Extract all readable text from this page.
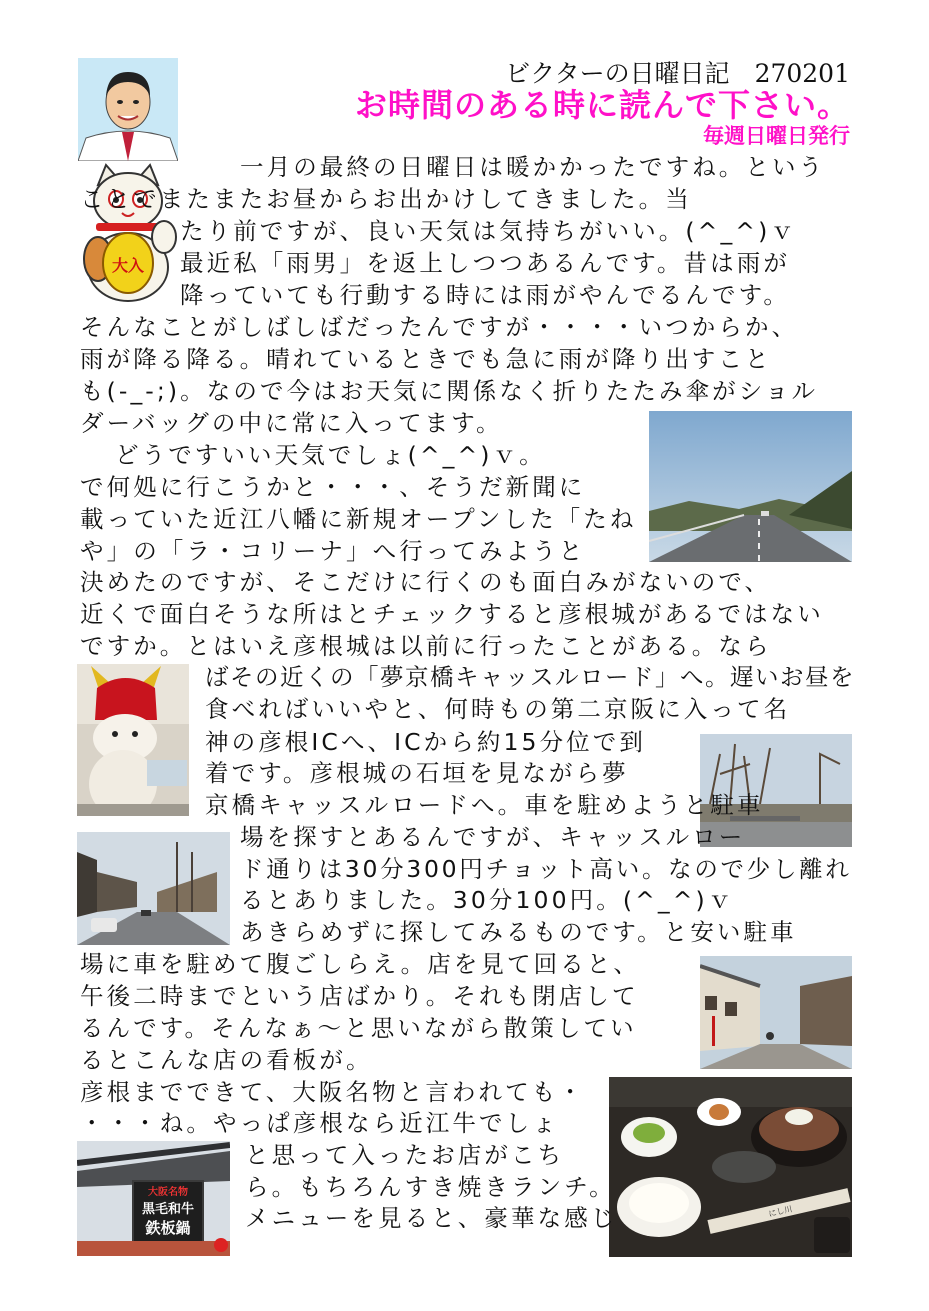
ビクターの日曜日記　270201
お時間のある時に読んで下さい。
毎週日曜日発行
大入
大阪名物
黒毛和牛
鉄板鍋
にし川
一月の最終の日曜日は暖かかったですね。という
ことでまたまたお昼からお出かけしてきました。当
たり前ですが、良い天気は気持ちがいい。(^_^)ｖ
最近私「雨男」を返上しつつあるんです。昔は雨が
降っていても行動する時には雨がやんでるんです。
そんなことがしばしばだったんですが・・・・いつからか、
雨が降る降る。晴れているときでも急に雨が降り出すこと
も(-_-;)。なので今はお天気に関係なく折りたたみ傘がショル
ダーバッグの中に常に入ってます。
どうですいい天気でしょ(^_^)ｖ。
で何処に行こうかと・・・、そうだ新聞に
載っていた近江八幡に新規オープンした「たね
や」の「ラ・コリーナ」へ行ってみようと
決めたのですが、そこだけに行くのも面白みがないので、
近くで面白そうな所はとチェックすると彦根城があるではない
ですか。とはいえ彦根城は以前に行ったことがある。なら
ばその近くの「夢京橋キャッスルロード」へ。遅いお昼を
食べればいいやと、何時もの第二京阪に入って名
神の彦根ICへ、ICから約15分位で到
着です。彦根城の石垣を見ながら夢
京橋キャッスルロードへ。車を駐めようと駐車
場を探すとあるんですが、キャッスルロー
ド通りは30分300円チョット高い。なので少し離れ
るとありました。30分100円。(^_^)ｖ
あきらめずに探してみるものです。と安い駐車
場に車を駐めて腹ごしらえ。店を見て回ると、
午後二時までという店ばかり。それも閉店して
るんです。そんなぁ～と思いながら散策してい
るとこんな店の看板が。
彦根までできて、大阪名物と言われても・
・・・ね。やっぱ彦根なら近江牛でしょ
と思って入ったお店がこち
ら。もちろんすき焼きランチ。
メニューを見ると、豪華な感じ
